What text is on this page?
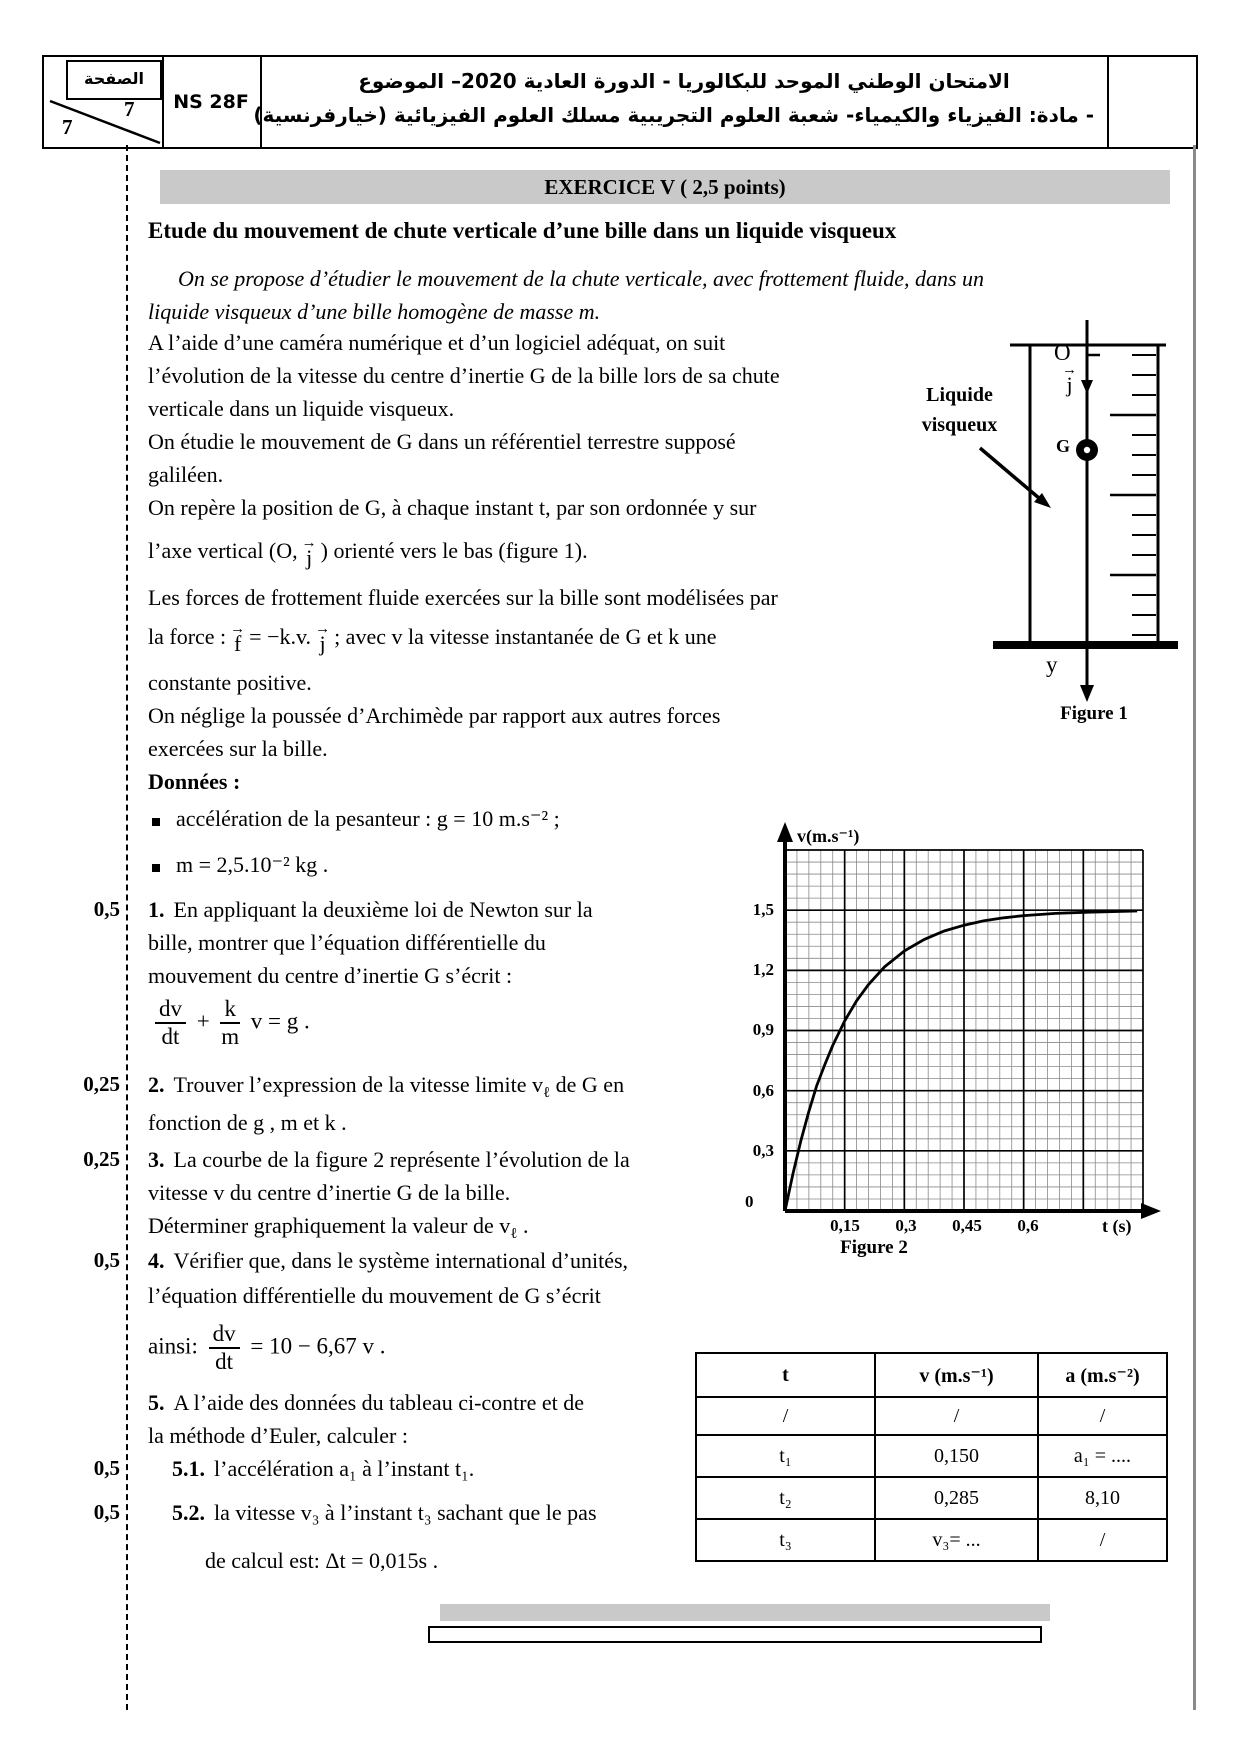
الصفحة
7
7
NS 28F
الامتحان الوطني الموحد للبكالوريا - الدورة العادية 2020– الموضوع
- مادة: الفيزياء والكيمياء- شعبة العلوم التجريبية مسلك العلوم الفيزيائية (خيارفرنسية)
EXERCICE V ( 2,5 points)
Etude du mouvement de chute verticale d’une bille dans un liquide visqueux
On se propose d’étudier le mouvement de la chute verticale, avec frottement fluide, dans un
liquide visqueux d’une bille homogène de masse m.
A l’aide d’une caméra numérique et d’un logiciel adéquat, on suit
l’évolution de la vitesse du centre d’inertie G de la bille lors de sa chute
verticale dans un liquide visqueux.
On étudie le mouvement de G dans un référentiel terrestre supposé
galiléen.
On repère la position de G, à chaque instant t, par son ordonnée y sur
l’axe vertical (O, →
j ) orienté vers le bas (figure 1).
Les forces de frottement fluide exercées sur la bille sont modélisées par
la force : →
f = −k.v. →
j ; avec v la vitesse instantanée de G et k une
constante positive.
On néglige la poussée d’Archimède par rapport aux autres forces
exercées sur la bille.
Données :
accélération de la pesanteur : g = 10 m.s⁻² ;
m = 2,5.10⁻² kg .
0,5
0,25
0,25
0,5
0,5
0,5
1. En appliquant la deuxième loi de Newton sur la
bille, montrer que l’équation différentielle du
mouvement du centre d’inertie G s’écrit :
$\frac{dv}{dt} + \frac{k}{m}$ v = g .
2. Trouver l’expression de la vitesse limite $v_\ell$ de G en
fonction de g , m et k .
3. La courbe de la figure 2 représente l’évolution de la
vitesse v du centre d’inertie G de la bille.
Déterminer graphiquement la valeur de $v_\ell$ .
4. Vérifier que, dans le système international d’unités,
l’équation différentielle du mouvement de G s’écrit
ainsi: $\frac{dv}{dt} = 10 - 6,67$ v .
5. A l’aide des données du tableau ci-contre et de
la méthode d’Euler, calculer :
5.1. l’accélération a₁ à l’instant t₁.
5.2. la vitesse v₃ à l’instant t₃ sachant que le pas
de calcul est: Δt = 0,015s .
Liquide
visqueux
O
→
j
G
y
Figure 1
v(m.s⁻¹)
1,5
1,2
0,9
0,6
0,3
0
0,15	0,3	0,45	0,6	t (s)
Figure 2
t	v (m.s⁻¹)	a (m.s⁻²)
/	/	/
t₁	0,150	a₁ = ....
t₂	0,285	8,10
t₃	v₃= ...	/
